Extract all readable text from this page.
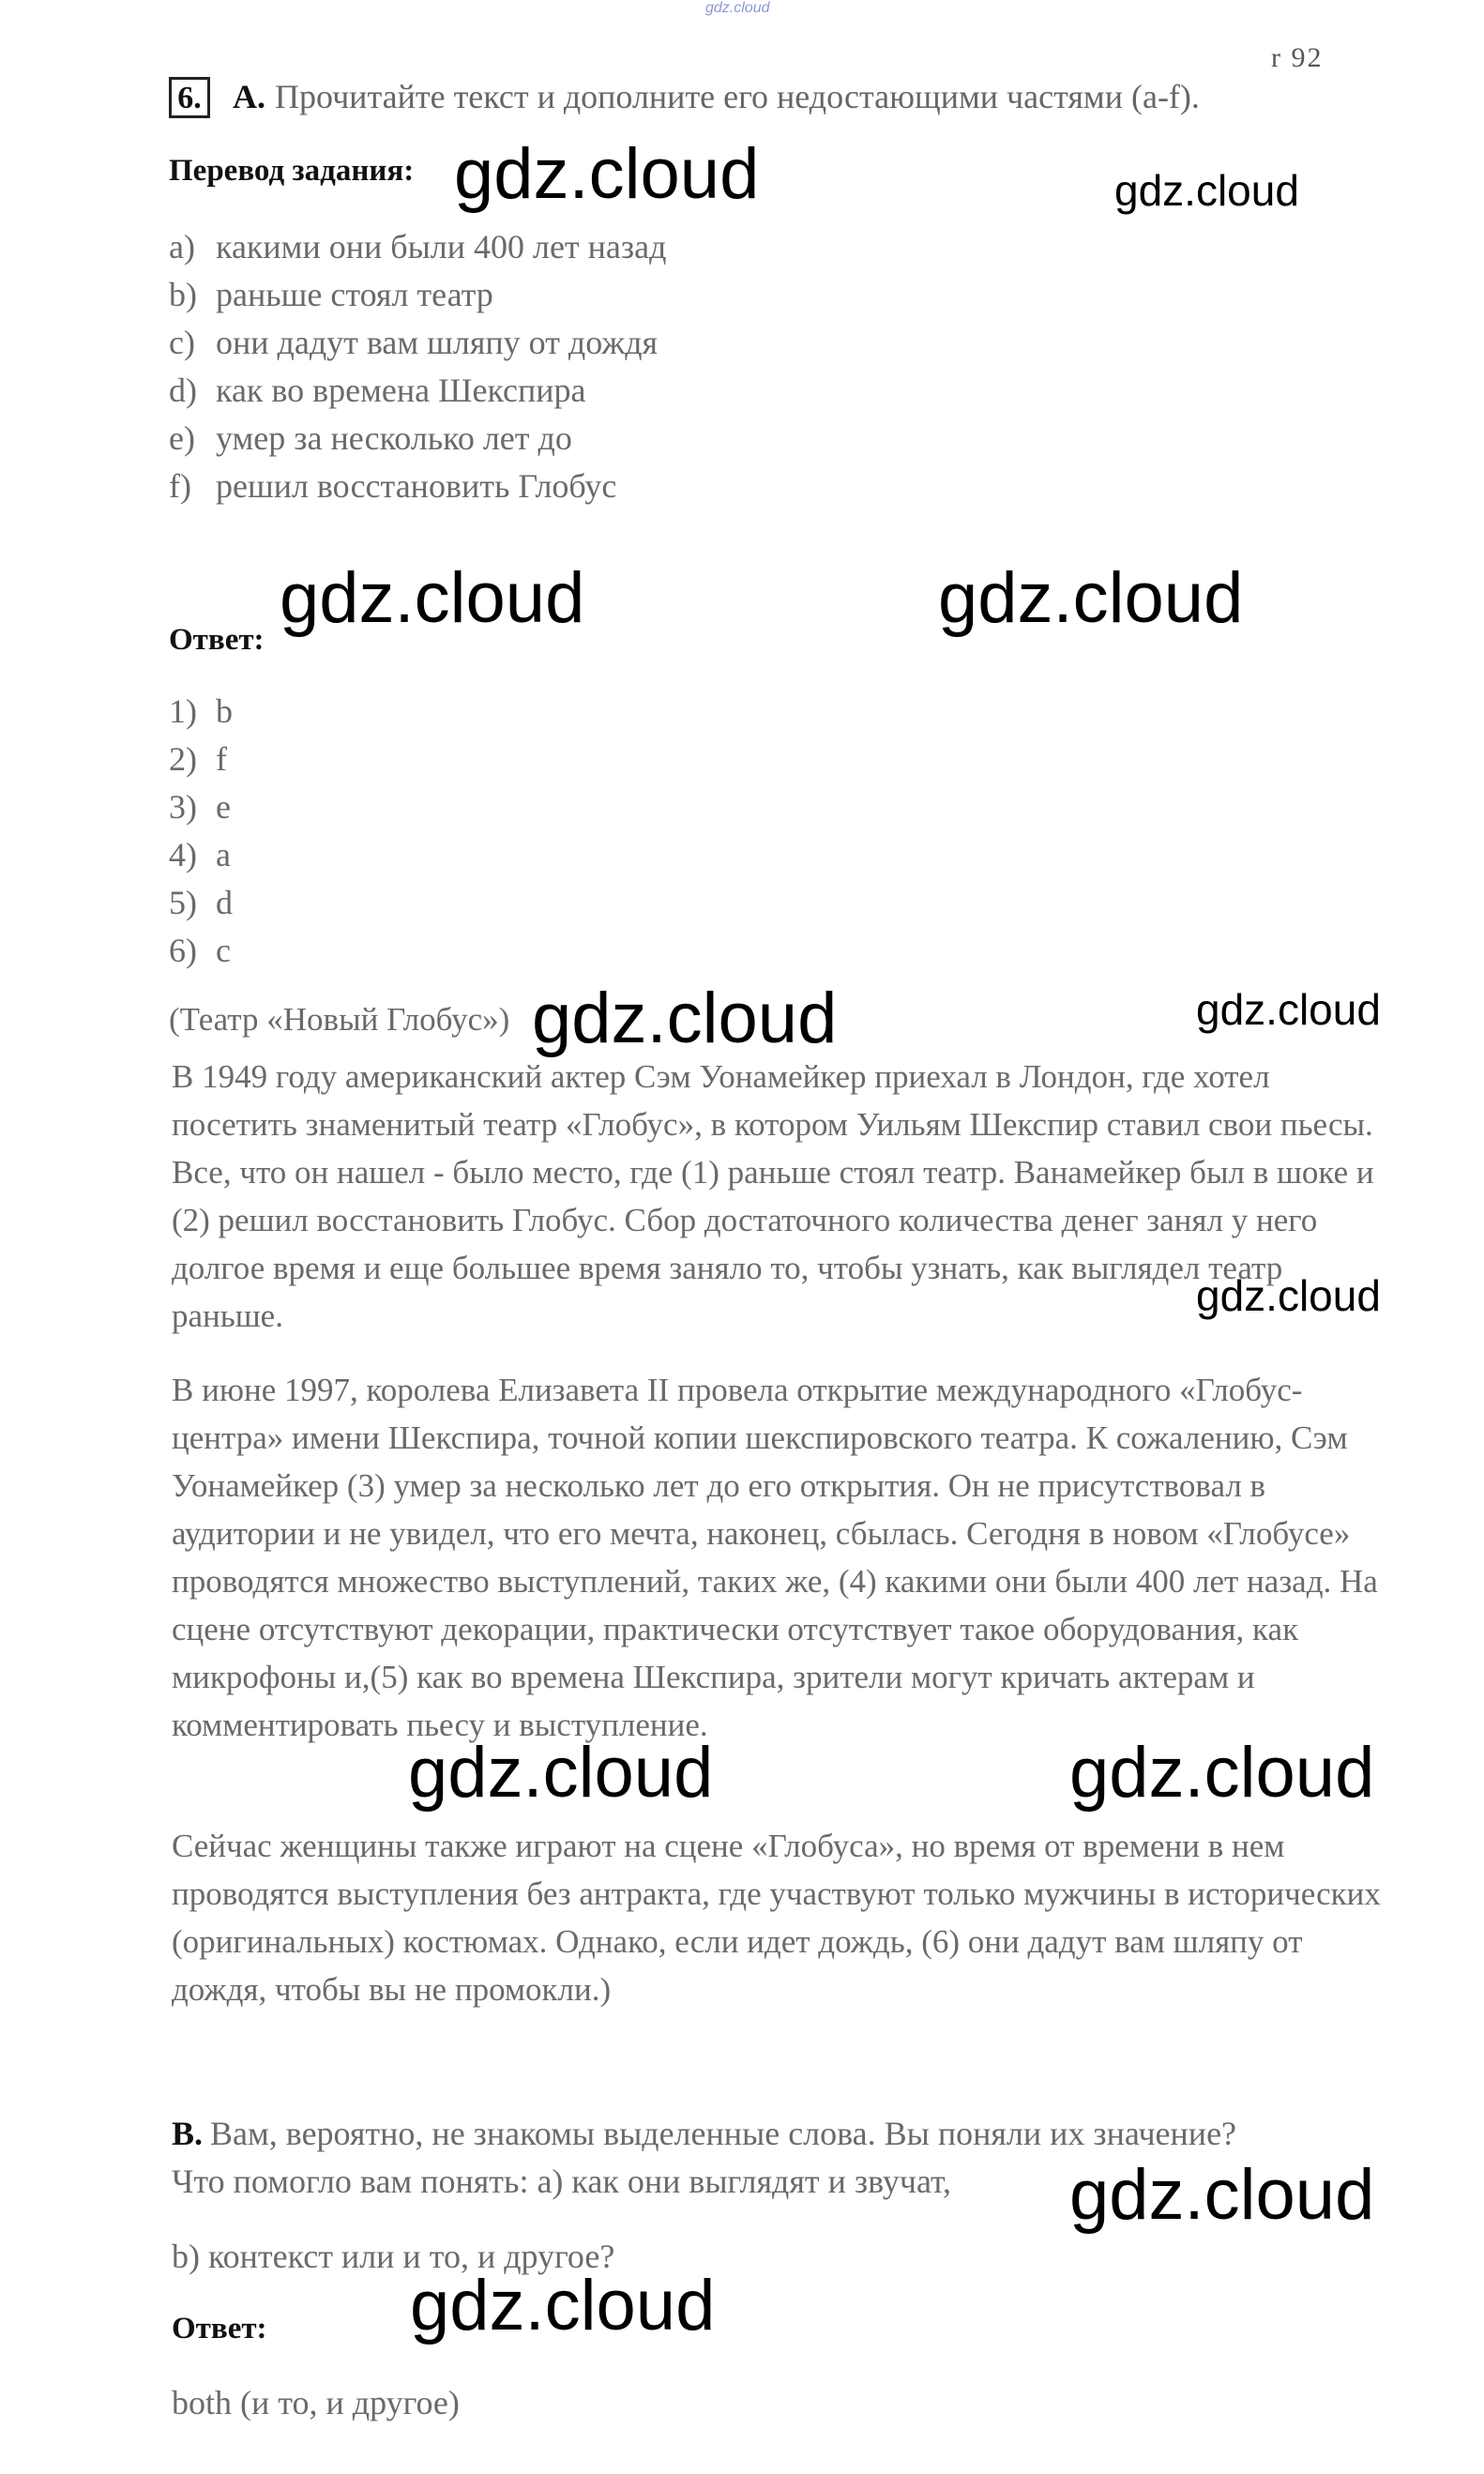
gdz.cloud
r 92
6. A. Прочитайте текст и дополните его недостающими частями (a-f).
Перевод задания:
a) какими они были 400 лет назад
b) раньше стоял театр
c) они дадут вам шляпу от дождя
d) как во времена Шекспира
e) умер за несколько лет до
f) решил восстановить Глобус
Ответ:
1) b
2) f
3) e
4) a
5) d
6) c
(Театр «Новый Глобус»)

В 1949 году американский актер Сэм Уонамейкер приехал в Лондон, где хотел посетить знаменитый театр «Глобус», в котором Уильям Шекспир ставил свои пьесы. Все, что он нашел - было место, где (1) раньше стоял театр. Ванамейкер был в шоке и (2) решил восстановить Глобус. Сбор достаточного количества денег занял у него долгое время и еще большее время заняло то, чтобы узнать, как выглядел театр раньше.

В июне 1997, королева Елизавета II провела открытие международного «Глобус-центра» имени Шекспира, точной копии шекспировского театра. К сожалению, Сэм Уонамейкер (3) умер за несколько лет до его открытия. Он не присутствовал в аудитории и не увидел, что его мечта, наконец, сбылась. Сегодня в новом «Глобусе» проводятся множество выступлений, таких же, (4) какими они были 400 лет назад. На сцене отсутствуют декорации, практически отсутствует такое оборудования, как микрофоны и,(5) как во времена Шекспира, зрители могут кричать актерам и комментировать пьесу и выступление.

Сейчас женщины также играют на сцене «Глобуса», но время от времени в нем проводятся выступления без антракта, где участвуют только мужчины в исторических (оригинальных) костюмах. Однако, если идет дождь, (6) они дадут вам шляпу от дождя, чтобы вы не промокли.)

B. Вам, вероятно, не знакомы выделенные слова. Вы поняли их значение?
Что помогло вам понять: a) как они выглядят и звучат,
b) контекст или и то, и другое?
Ответ:
both (и то, и другое)
gdz.cloud	gdz.cloud
gdz.cloud	gdz.cloud
gdz.cloud	gdz.cloud
gdz.cloud
gdz.cloud	gdz.cloud
gdz.cloud
gdz.cloud
